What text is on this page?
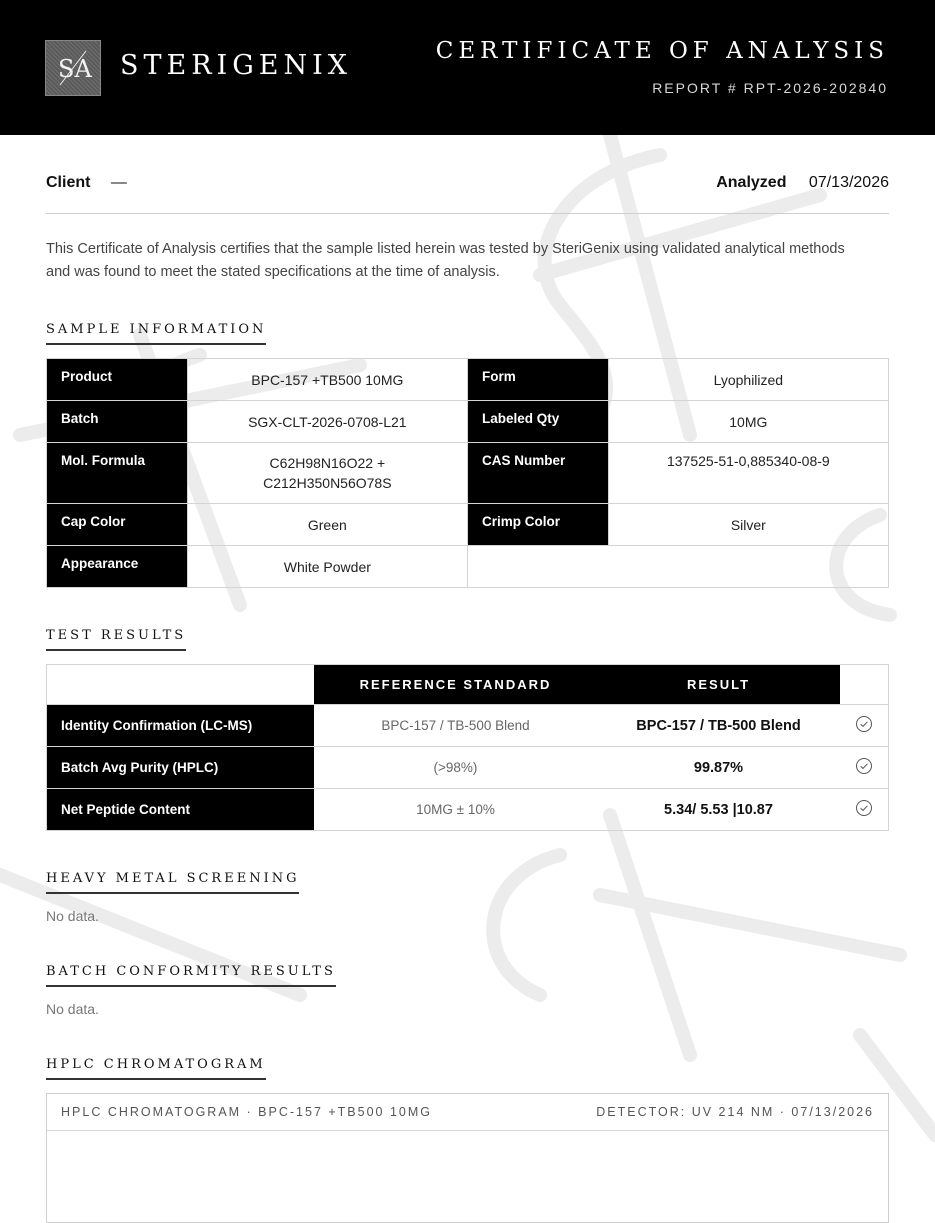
SA STERIGENIX	CERTIFICATE OF ANALYSIS
REPORT # RPT-2026-202840
Client —	Analyzed 07/13/2026

This Certificate of Analysis certifies that the sample listed herein was tested by SteriGenix using validated analytical methods and was found to meet the stated specifications at the time of analysis.

SAMPLE INFORMATION
Product	BPC-157 +TB500 10MG	Form	Lyophilized
Batch	SGX-CLT-2026-0708-L21	Labeled Qty	10MG
Mol. Formula	C62H98N16O22 +
C212H350N56O78S	CAS Number	137525-51-0,885340-08-9
Cap Color	Green	Crimp Color	Silver
Appearance	White Powder		
TEST RESULTS
	REFERENCE STANDARD	RESULT	
Identity Confirmation (LC-MS)	BPC-157 / TB-500 Blend	BPC-157 / TB-500 Blend	
Batch Avg Purity (HPLC)	(>98%)	99.87%	
Net Peptide Content	10MG ± 10%	5.34/ 5.53 |10.87	
HEAVY METAL SCREENING
No data.
BATCH CONFORMITY RESULTS
No data.
HPLC CHROMATOGRAM
HPLC CHROMATOGRAM · BPC-157 +TB500 10MG	DETECTOR: UV 214 NM · 07/13/2026
